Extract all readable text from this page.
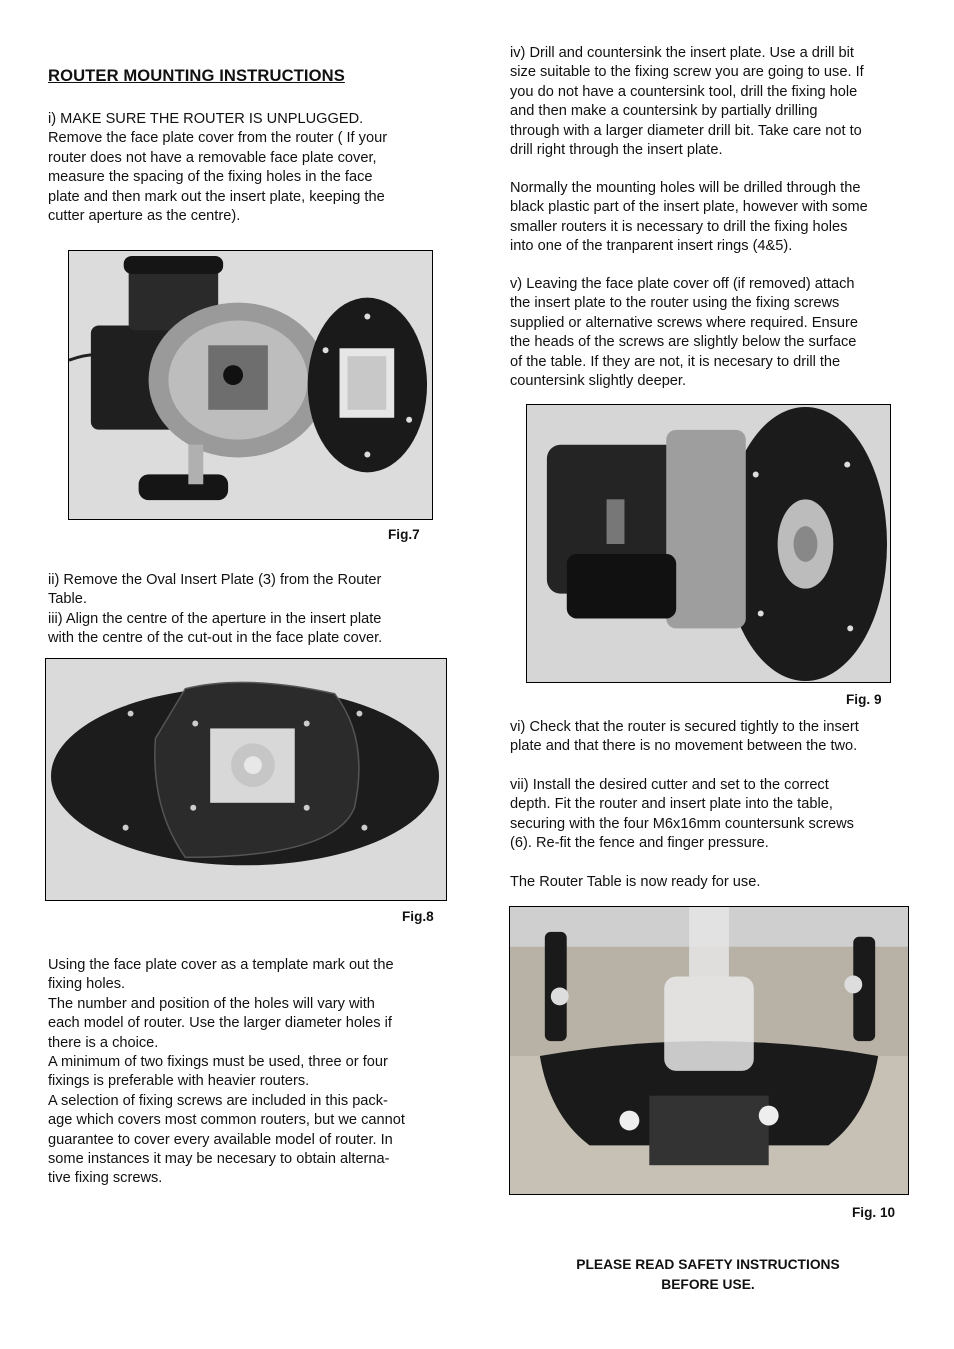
ROUTER MOUNTING INSTRUCTIONS
i) MAKE SURE THE ROUTER IS UNPLUGGED.
Remove the face plate cover from the router ( If your
router does not have a removable face plate cover,
measure the spacing of the fixing holes in the face
plate and then mark out the insert plate, keeping the
cutter aperture as the centre).
Fig.7
ii) Remove the Oval Insert Plate (3) from the Router
Table.
iii) Align the centre of the aperture in the insert plate
with the centre of the cut-out in the face plate cover.
Fig.8
Using the face plate cover as a template mark out the
fixing holes.
The number and position of the holes will vary with
each model of router. Use the larger diameter holes if
there is a choice.
A minimum of two fixings must be used, three or four
fixings is preferable with heavier routers.
A selection of fixing screws are included in this pack-
age which covers most common routers, but we cannot
guarantee to cover every available model of router. In
some instances it may be necesary to obtain alterna-
tive fixing screws.
iv) Drill and countersink the insert plate. Use a drill bit
size suitable to the fixing screw you are going to use. If
you do not have a countersink tool, drill the fixing hole
and then make a countersink by partially drilling
through with a larger diameter drill bit. Take care not to
drill right through the insert plate.
Normally the mounting holes will be drilled through the
black plastic part of the insert plate, however with some
smaller routers it is necessary to drill the fixing holes
into one of the tranparent insert rings (4&5).
v) Leaving the face plate cover off (if removed) attach
the insert plate to the router using the fixing screws
supplied or alternative screws where required. Ensure
the heads of the screws are slightly below the surface
of the table. If they are not, it is necesary to drill the
countersink slightly deeper.
Fig. 9
vi) Check that the router is secured tightly to the insert
plate and that there is no movement between the two.
vii) Install the desired cutter and set to the correct
depth. Fit the router and insert plate into the table,
securing with the four M6x16mm countersunk screws
(6). Re-fit the fence and finger pressure.
The Router Table is now ready for use.
Fig. 10
PLEASE READ SAFETY INSTRUCTIONS
BEFORE USE.
